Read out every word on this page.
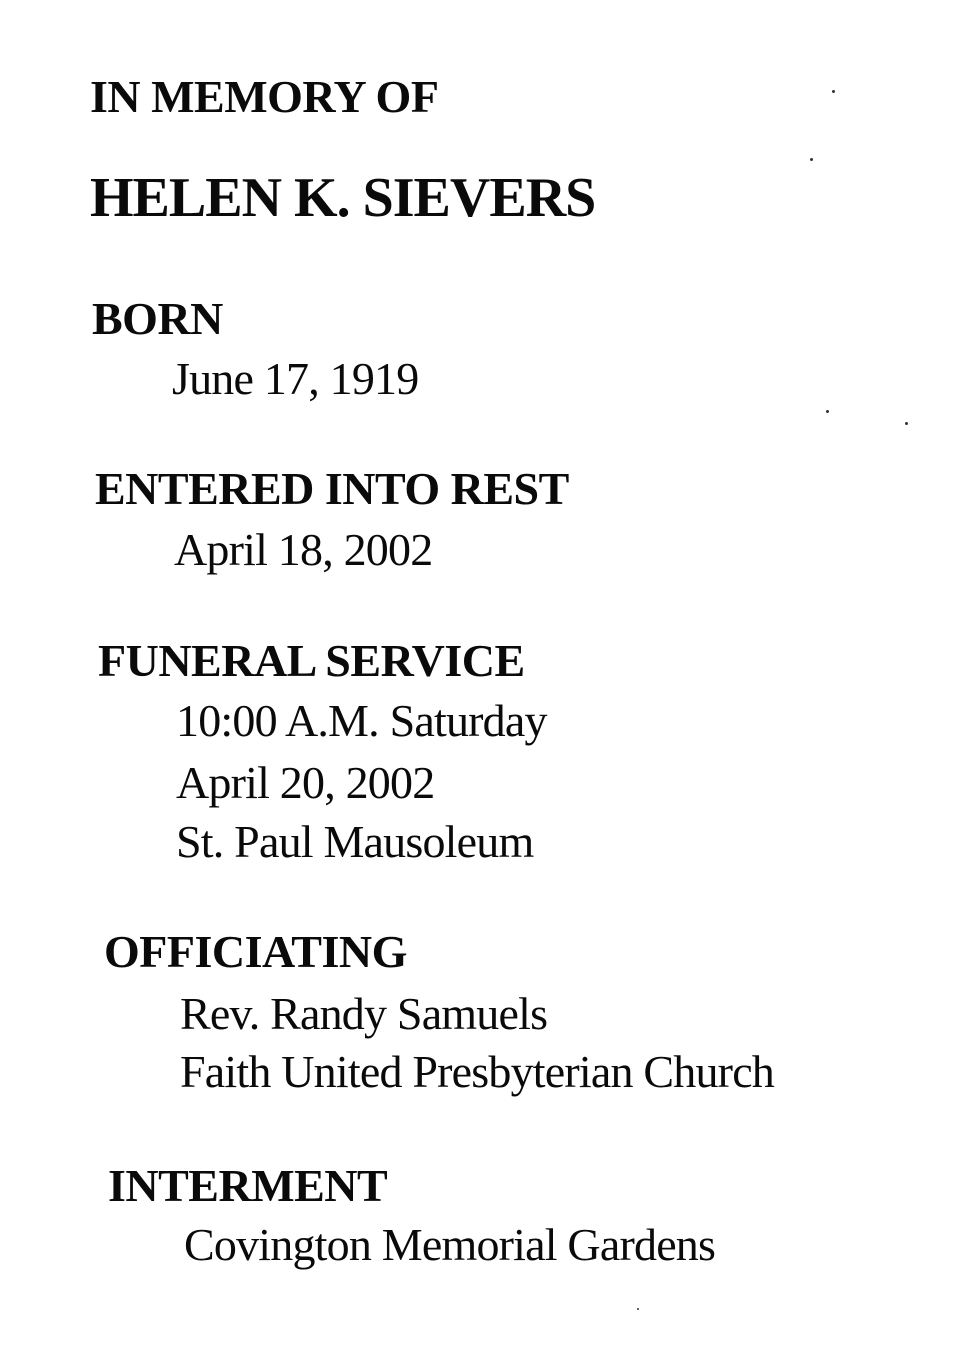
IN MEMORY OF

HELEN K. SIEVERS

BORN

June 17, 1919

ENTERED INTO REST

April 18, 2002

FUNERAL SERVICE

10:00 A.M. Saturday

April 20, 2002

St. Paul Mausoleum

OFFICIATING

Rev. Randy Samuels

Faith United Presbyterian Church

INTERMENT

Covington Memorial Gardens
